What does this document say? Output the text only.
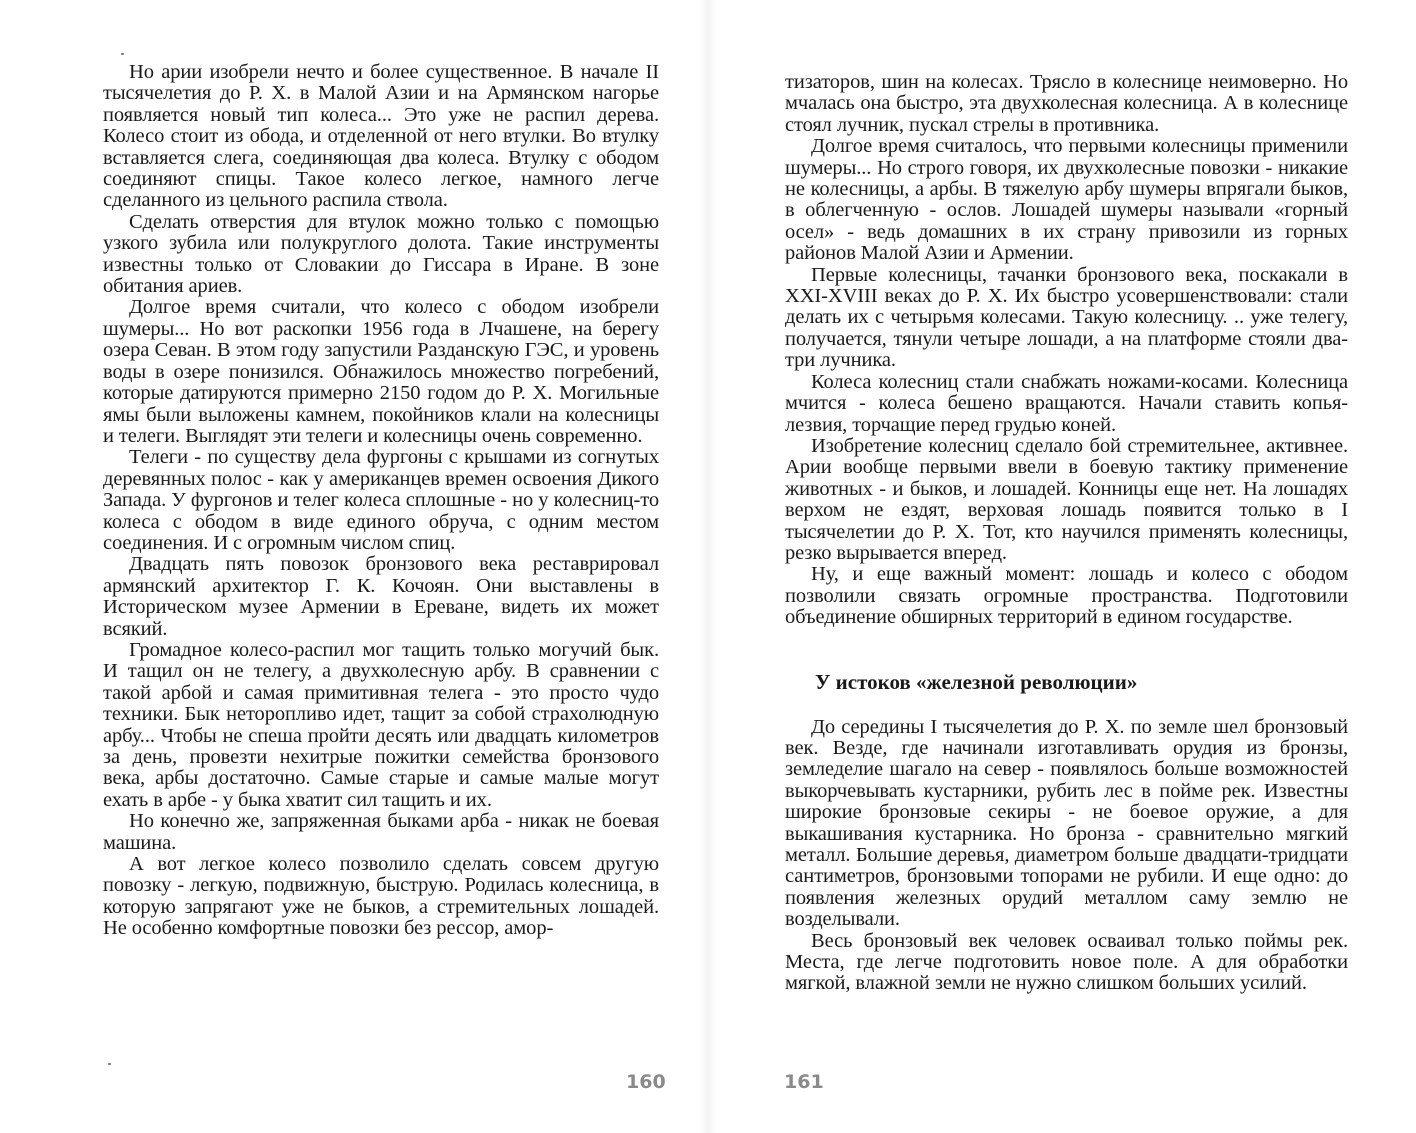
Но арии изобрели нечто и более существенное. В начале II тысячелетия до Р. Х. в Малой Азии и на Армянском нагорье появляется новый тип колеса... Это уже не распил дерева. Колесо стоит из обода, и отделенной от него втулки. Во втулку вставляется слега, соединяющая два колеса. Втулку с ободом соединяют спицы. Такое колесо легкое, намного легче сделанного из цельного распила ствола.

Сделать отверстия для втулок можно только с помощью узкого зубила или полукруглого долота. Такие инструменты известны только от Словакии до Гиссара в Иране. В зоне обитания ариев.

Долгое время считали, что колесо с ободом изобрели шумеры... Но вот раскопки 1956 года в Лчашене, на берегу озера Севан. В этом году запустили Разданскую ГЭС, и уровень воды в озере понизился. Обнажилось множество погребений, которые датируются примерно 2150 годом до Р. Х. Могильные ямы были выложены камнем, покойников клали на колесницы и телеги. Выглядят эти телеги и колесницы очень современно.

Телеги - по существу дела фургоны с крышами из согнутых деревянных полос - как у американцев времен освоения Дикого Запада. У фургонов и телег колеса сплошные - но у колесниц-то колеса с ободом в виде единого обруча, с одним местом соединения. И с огромным числом спиц.

Двадцать пять повозок бронзового века реставрировал армянский архитектор Г. К. Кочоян. Они выставлены в Историческом музее Армении в Ереване, видеть их может всякий.

Громадное колесо-распил мог тащить только могучий бык. И тащил он не телегу, а двухколесную арбу. В сравнении с такой арбой и самая примитивная телега - это просто чудо техники. Бык неторопливо идет, тащит за собой страхолюдную арбу... Чтобы не спеша пройти десять или двадцать километров за день, провезти нехитрые пожитки семейства бронзового века, арбы достаточно. Самые старые и самые малые могут ехать в арбе - у быка хватит сил тащить и их.

Но конечно же, запряженная быками арба - никак не боевая машина.

А вот легкое колесо позволило сделать совсем другую повозку - легкую, подвижную, быструю. Родилась колесница, в которую запрягают уже не быков, а стремительных лошадей. Не особенно комфортные повозки без рессор, амор-

160

тизаторов, шин на колесах. Трясло в колеснице неимоверно. Но мчалась она быстро, эта двухколесная колесница. А в колеснице стоял лучник, пускал стрелы в противника.

Долгое время считалось, что первыми колесницы применили шумеры... Но строго говоря, их двухколесные повозки - никакие не колесницы, а арбы. В тяжелую арбу шумеры впрягали быков, в облегченную - ослов. Лошадей шумеры называли «горный осел» - ведь домашних в их страну привозили из горных районов Малой Азии и Армении.

Первые колесницы, тачанки бронзового века, поскакали в XXI-XVIII веках до Р. Х. Их быстро усовершенствовали: стали делать их с четырьмя колесами. Такую колесницу. .. уже телегу, получается, тянули четыре лошади, а на платформе стояли два-три лучника.

Колеса колесниц стали снабжать ножами-косами. Колесница мчится - колеса бешено вращаются. Начали ставить копья-лезвия, торчащие перед грудью коней.

Изобретение колесниц сделало бой стремительнее, активнее. Арии вообще первыми ввели в боевую тактику применение животных - и быков, и лошадей. Конницы еще нет. На лошадях верхом не ездят, верховая лошадь появится только в I тысячелетии до Р. Х. Тот, кто научился применять колесницы, резко вырывается вперед.

Ну, и еще важный момент: лошадь и колесо с ободом позволили связать огромные пространства. Подготовили объединение обширных территорий в едином государстве.

У истоков «железной революции»

До середины I тысячелетия до Р. Х. по земле шел бронзовый век. Везде, где начинали изготавливать орудия из бронзы, земледелие шагало на север - появлялось больше возможностей выкорчевывать кустарники, рубить лес в пойме рек. Известны широкие бронзовые секиры - не боевое оружие, а для выкашивания кустарника. Но бронза - сравнительно мягкий металл. Большие деревья, диаметром больше двадцати-тридцати сантиметров, бронзовыми топорами не рубили. И еще одно: до появления железных орудий металлом саму землю не возделывали.

Весь бронзовый век человек осваивал только поймы рек. Места, где легче подготовить новое поле. А для обработки мягкой, влажной земли не нужно слишком больших усилий.

161
